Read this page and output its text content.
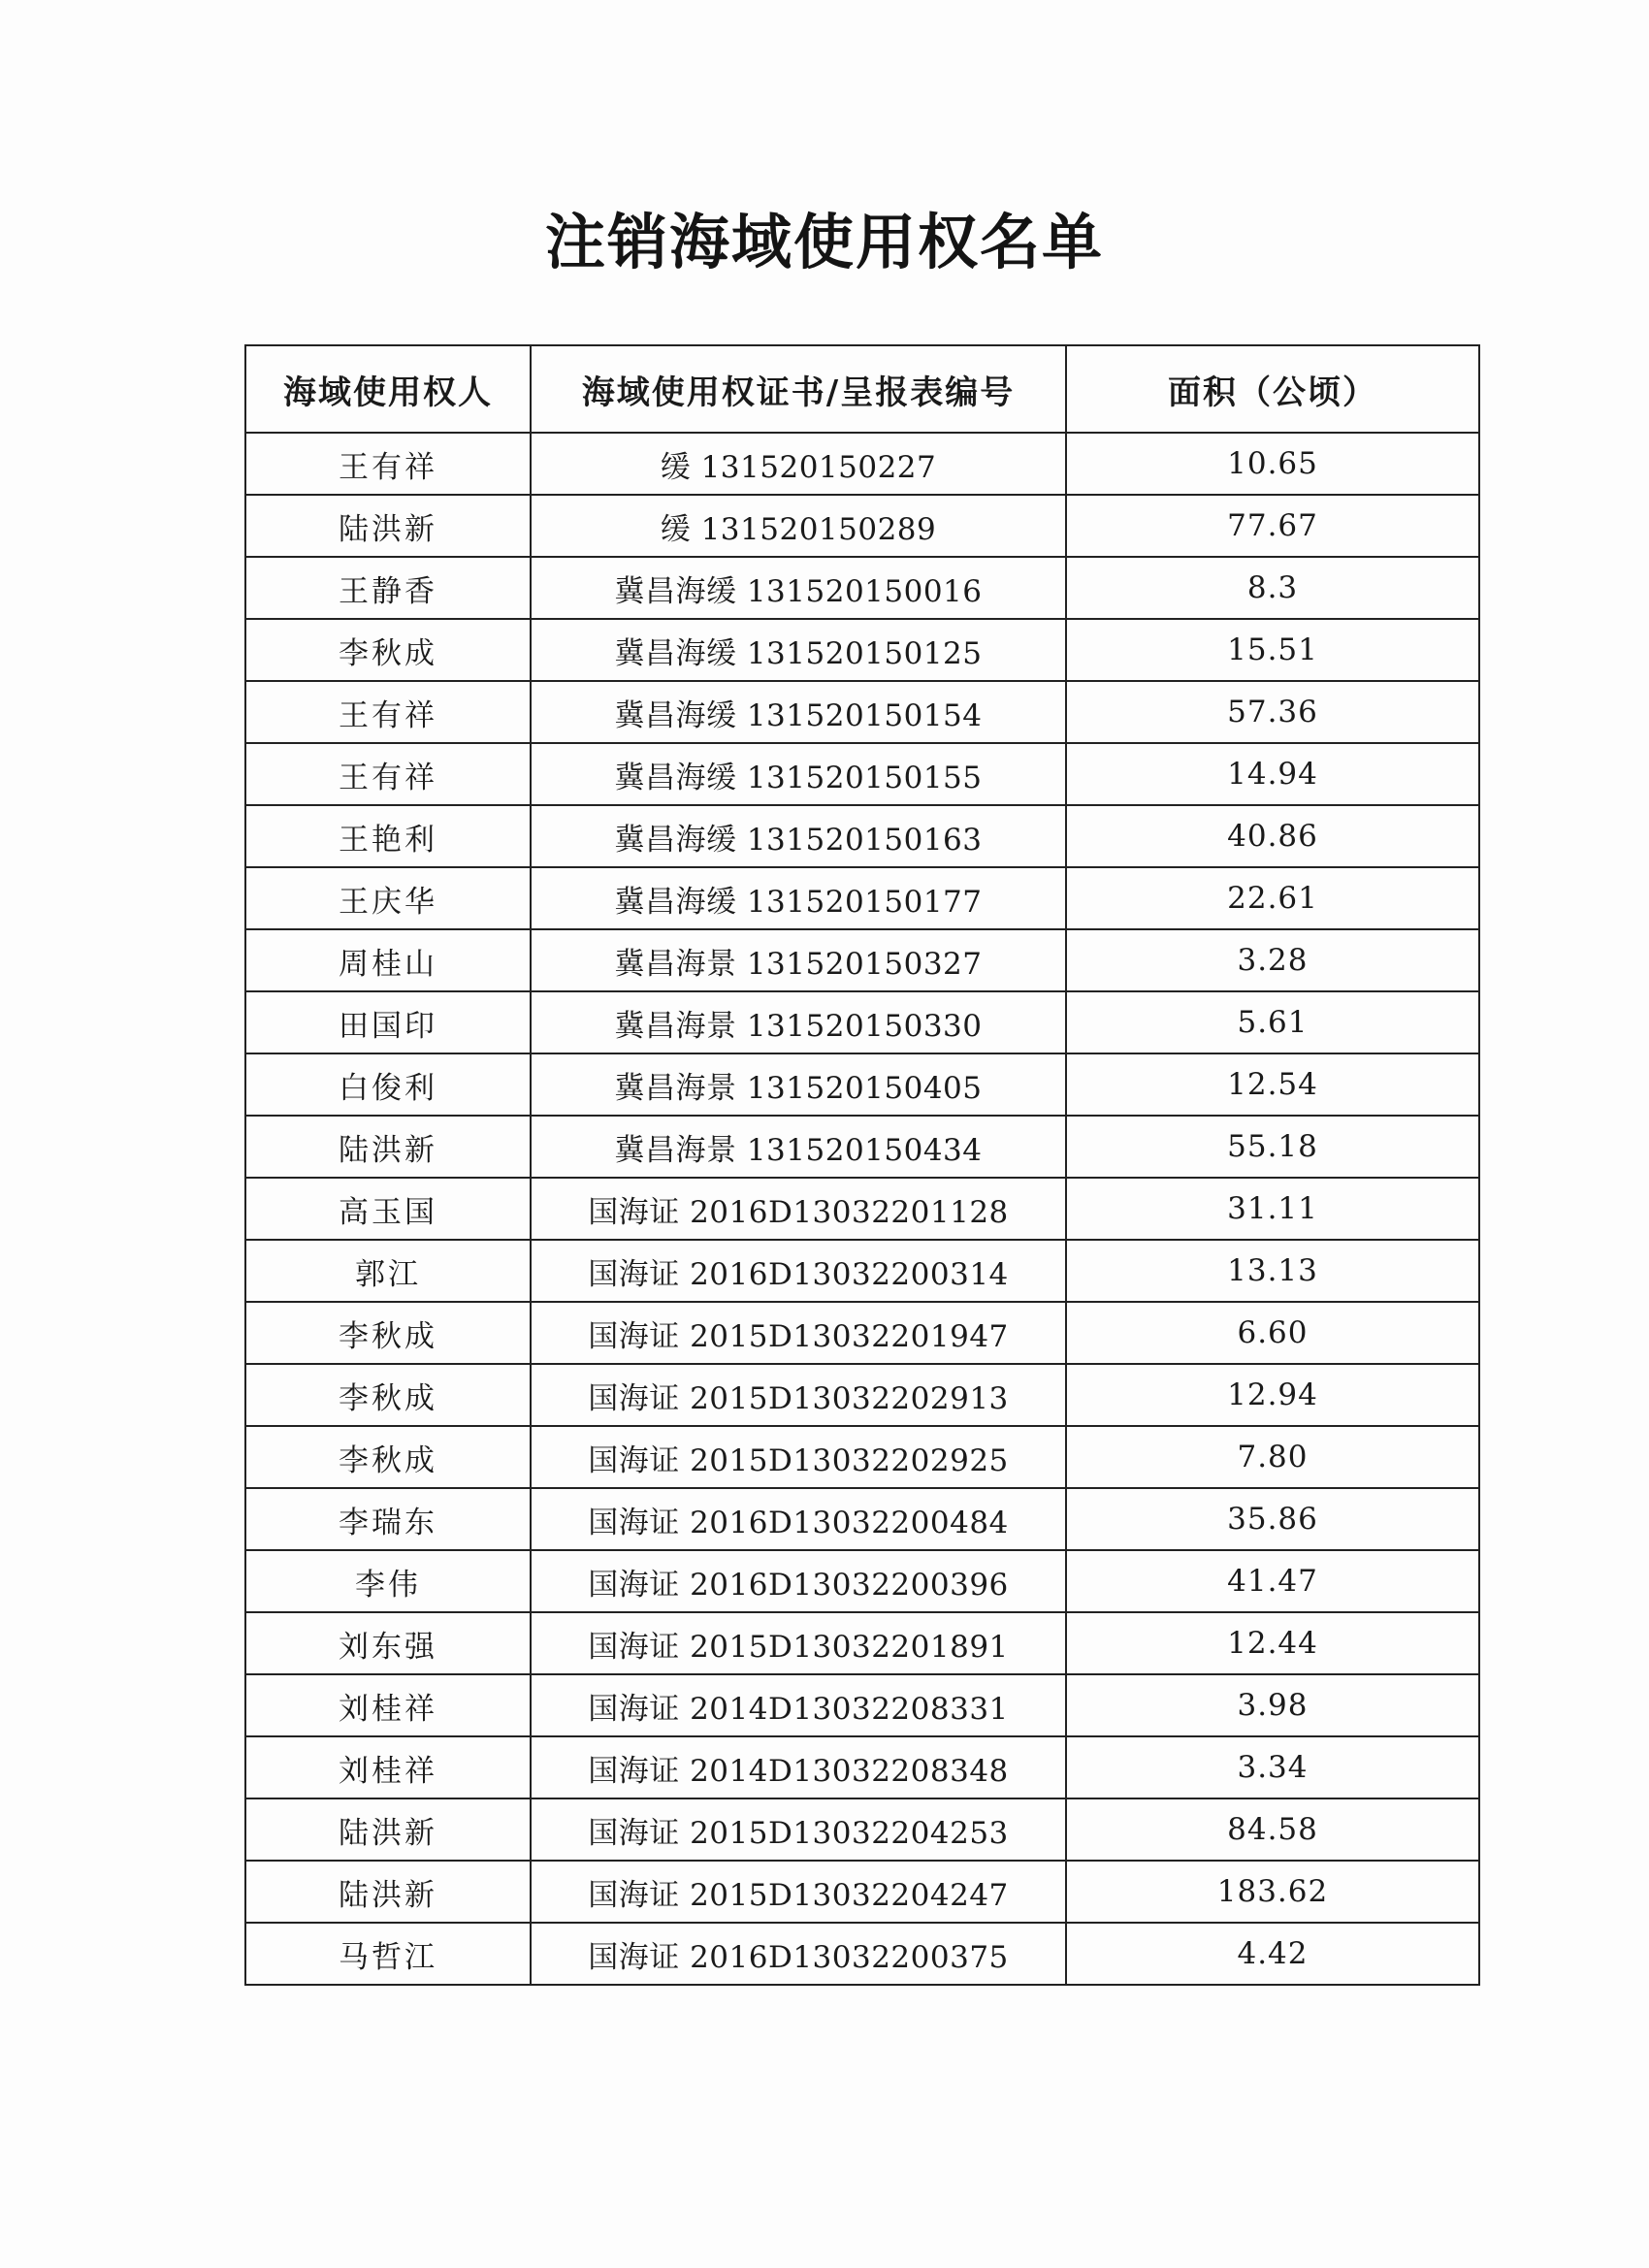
注销海域使用权名单
海域使用权人	海域使用权证书/呈报表编号	面积（公顷）
王有祥	缓 131520150227	10.65
陆洪新	缓 131520150289	77.67
王静香	冀昌海缓 131520150016	8.3
李秋成	冀昌海缓 131520150125	15.51
王有祥	冀昌海缓 131520150154	57.36
王有祥	冀昌海缓 131520150155	14.94
王艳利	冀昌海缓 131520150163	40.86
王庆华	冀昌海缓 131520150177	22.61
周桂山	冀昌海景 131520150327	3.28
田国印	冀昌海景 131520150330	5.61
白俊利	冀昌海景 131520150405	12.54
陆洪新	冀昌海景 131520150434	55.18
高玉国	国海证 2016D13032201128	31.11
郭江	国海证 2016D13032200314	13.13
李秋成	国海证 2015D13032201947	6.60
李秋成	国海证 2015D13032202913	12.94
李秋成	国海证 2015D13032202925	7.80
李瑞东	国海证 2016D13032200484	35.86
李伟	国海证 2016D13032200396	41.47
刘东强	国海证 2015D13032201891	12.44
刘桂祥	国海证 2014D13032208331	3.98
刘桂祥	国海证 2014D13032208348	3.34
陆洪新	国海证 2015D13032204253	84.58
陆洪新	国海证 2015D13032204247	183.62
马哲江	国海证 2016D13032200375	4.42
